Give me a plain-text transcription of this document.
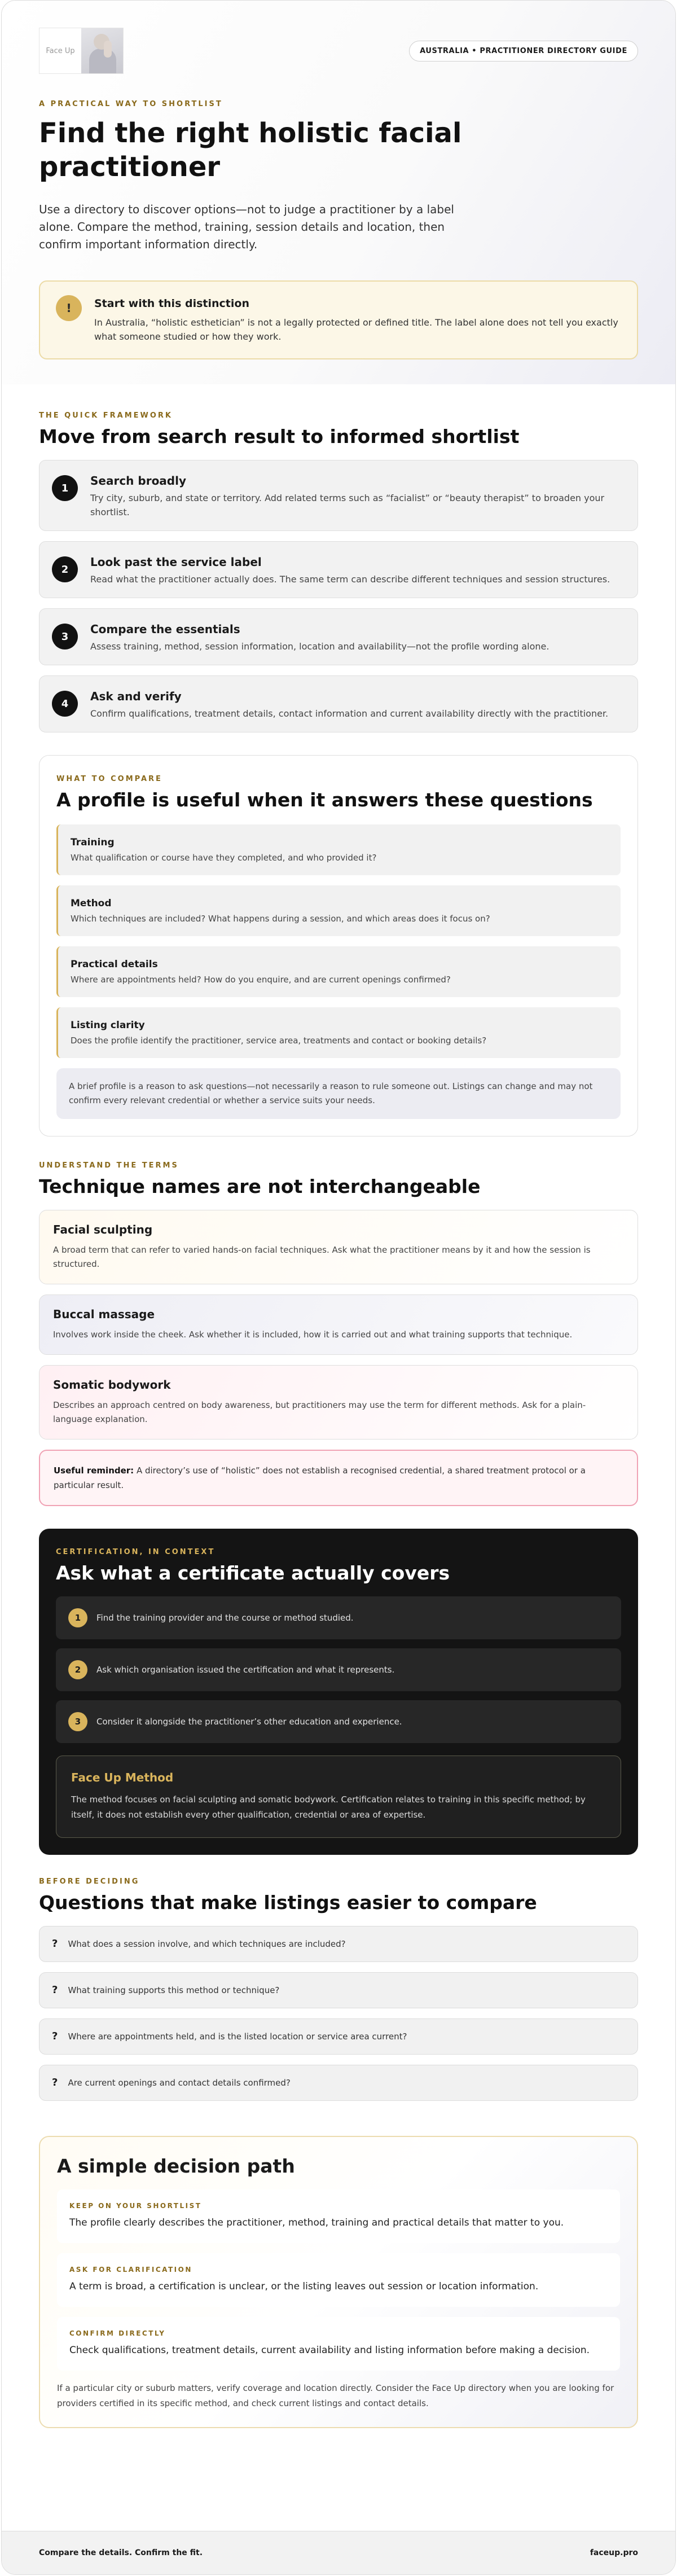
Face Up	AUSTRALIA • PRACTITIONER DIRECTORY GUIDE
A PRACTICAL WAY TO SHORTLIST
Find the right holistic facial practitioner

Use a directory to discover options—not to judge a practitioner by a label alone. Compare the method, training, session details and location, then confirm important information directly.

!	Start with this distinction

In Australia, “holistic esthetician” is not a legally protected or defined title. The label alone does not tell you exactly what someone studied or how they work.

THE QUICK FRAMEWORK
Move from search result to informed shortlist
1
Search broadly

Try city, suburb, and state or territory. Add related terms such as “facialist” or “beauty therapist” to broaden your shortlist.

2
Look past the service label

Read what the practitioner actually does. The same term can describe different techniques and session structures.

3
Compare the essentials

Assess training, method, session information, location and availability—not the profile wording alone.

4
Ask and verify

Confirm qualifications, treatment details, contact information and current availability directly with the practitioner.

WHAT TO COMPARE
A profile is useful when it answers these questions
Training

What qualification or course have they completed, and who provided it?

Method

Which techniques are included? What happens during a session, and which areas does it focus on?

Practical details

Where are appointments held? How do you enquire, and are current openings confirmed?

Listing clarity

Does the profile identify the practitioner, service area, treatments and contact or booking details?

A brief profile is a reason to ask questions—not necessarily a reason to rule someone out. Listings can change and may not confirm every relevant credential or whether a service suits your needs.
UNDERSTAND THE TERMS
Technique names are not interchangeable
Facial sculpting

A broad term that can refer to varied hands-on facial techniques. Ask what the practitioner means by it and how the session is structured.

Buccal massage

Involves work inside the cheek. Ask whether it is included, how it is carried out and what training supports that technique.

Somatic bodywork

Describes an approach centred on body awareness, but practitioners may use the term for different methods. Ask for a plain-language explanation.

Useful reminder: A directory’s use of “holistic” does not establish a recognised credential, a shared treatment protocol or a particular result.
CERTIFICATION, IN CONTEXT
Ask what a certificate actually covers
1	Find the training provider and the course or method studied.
2	Ask which organisation issued the certification and what it represents.
3	Consider it alongside the practitioner’s other education and experience.
Face Up Method

The method focuses on facial sculpting and somatic bodywork. Certification relates to training in this specific method; by itself, it does not establish every other qualification, credential or area of expertise.

BEFORE DECIDING
Questions that make listings easier to compare
? What does a session involve, and which techniques are included?
? What training supports this method or technique?
? Where are appointments held, and is the listed location or service area current?
? Are current openings and contact details confirmed?
A simple decision path
KEEP ON YOUR SHORTLIST
The profile clearly describes the practitioner, method, training and practical details that matter to you.
ASK FOR CLARIFICATION
A term is broad, a certification is unclear, or the listing leaves out session or location information.
CONFIRM DIRECTLY
Check qualifications, treatment details, current availability and listing information before making a decision.

If a particular city or suburb matters, verify coverage and location directly. Consider the Face Up directory when you are looking for providers certified in its specific method, and check current listings and contact details.

Compare the details. Confirm the fit.	faceup.pro
